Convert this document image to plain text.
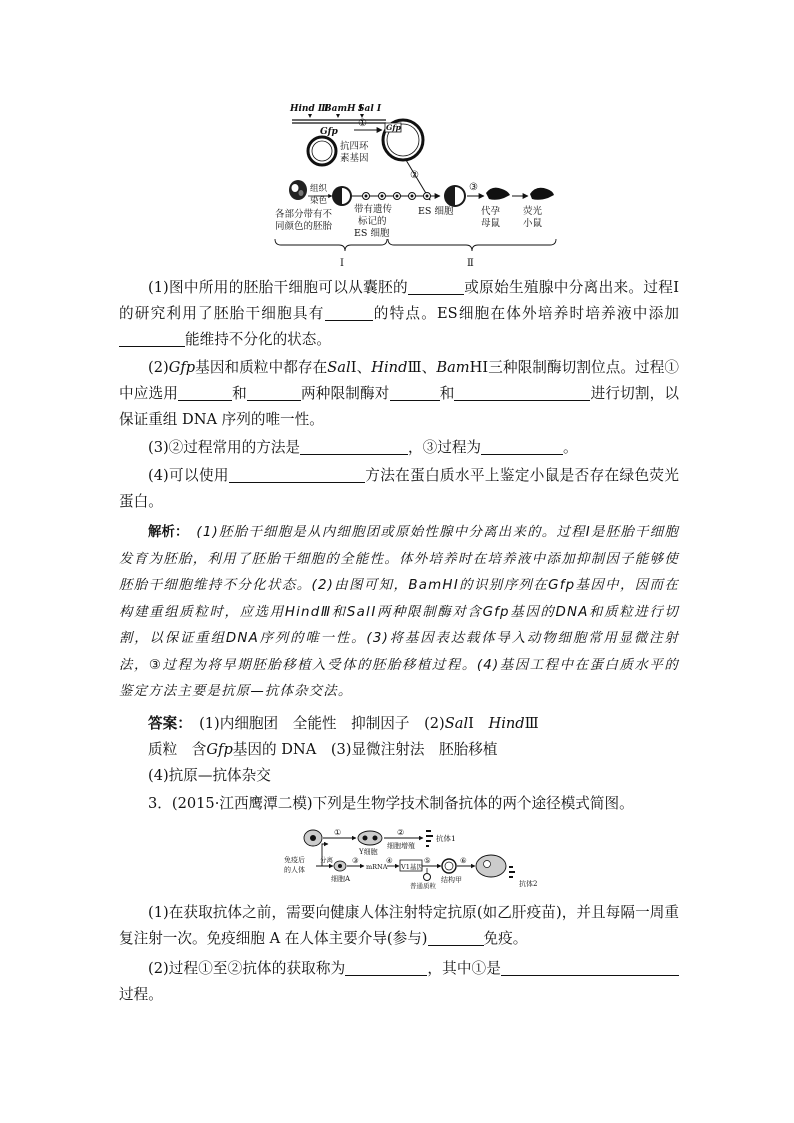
Hind Ⅲ
BamH Ⅰ
Sal Ⅰ
Gfp
①
抗四环
素基因
Gfp
②
组织
染色
ES 细胞
③
代孕
母鼠
荧光
小鼠
各部分带有不
同颜色的胚胎
带有遗传
标记的
ES 细胞
Ⅰ	Ⅱ

(1)图中所用的胚胎干细胞可以从囊胚的	或原始生殖腺中分离出来。过程Ⅰ的研究利用了胚胎干细胞具有	的特点。ES细胞在体外培养时培养液中添加能维持不分化的状态。

(2)Gfp基因和质粒中都存在SalⅠ、HindⅢ、BamHⅠ三种限制酶切割位点。过程①中应选用	和	两种限制酶对	和	进行切割，以保证重组 DNA 序列的唯一性。

(3)②过程常用的方法是	，③过程为	。

(4)可以使用	方法在蛋白质水平上鉴定小鼠是否存在绿色荧光蛋白。

解析：　(1)胚胎干细胞是从内细胞团或原始性腺中分离出来的。过程Ⅰ是胚胎干细胞发育为胚胎，利用了胚胎干细胞的全能性。体外培养时在培养液中添加抑制因子能够使胚胎干细胞维持不分化状态。(2)由图可知，BamHⅠ的识别序列在Gfp基因中，因而在构建重组质粒时，应选用HindⅢ和SalⅠ两种限制酶对含Gfp基因的DNA和质粒进行切割，以保证重组DNA序列的唯一性。(3)将基因表达载体导入动物细胞常用显微注射法，③过程为将早期胚胎移植入受体的胚胎移植过程。(4)基因工程中在蛋白质水平的鉴定方法主要是抗原—抗体杂交法。

答案：　(1)内细胞团　全能性　抑制因子　(2)SalⅠ　HindⅢ

质粒　含Gfp基因的 DNA　(3)显微注射法　胚胎移植

(4)抗原—抗体杂交

3．(2015·江西鹰潭二模)下列是生物学技术制备抗体的两个途径模式简图。

①
Y细胞
②
细胞增殖
抗体1
免疫后
的人体
分离
细胞A
③
mRNA
④
V1基因
⑤
普通质粒
结构甲
⑥
抗体2

(1)在获取抗体之前，需要向健康人体注射特定抗原(如乙肝疫苗)，并且每隔一周重复注射一次。免疫细胞 A 在人体主要介导(参与)	免疫。

(2)过程①至②抗体的获取称为	，其中①是过程。
